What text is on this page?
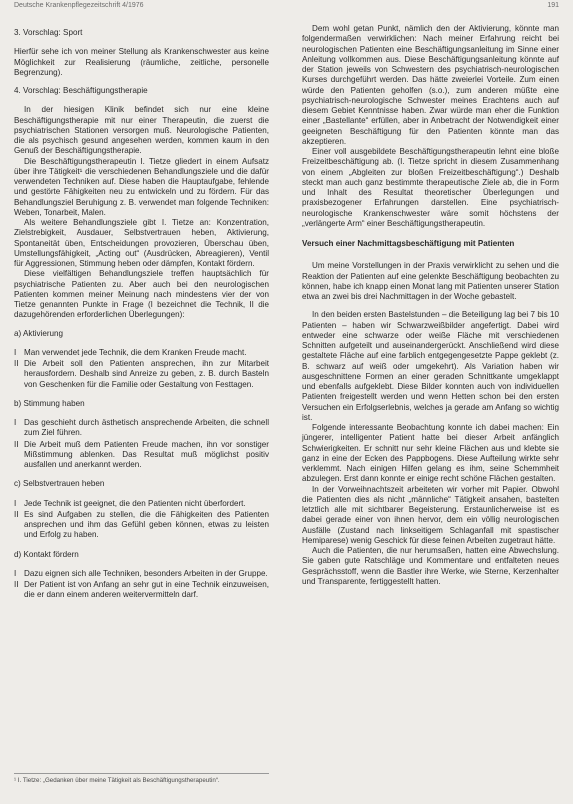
Deutsche Krankenpflegezeitschrift 4/1976	191
3. Vorschlag: Sport

Hierfür sehe ich von meiner Stellung als Krankenschwester aus keine Möglichkeit zur Realisierung (räumliche, zeitliche, personelle Begrenzung).

4. Vorschlag: Beschäftigungstherapie

In der hiesigen Klinik befindet sich nur eine kleine Beschäftigungstherapie mit nur einer Therapeutin, die zuerst die psychiatrischen Stationen versorgen muß. Neurologische Patienten, die als psychisch gesund angesehen werden, kommen kaum in den Genuß der Beschäftigungstherapie.

Die Beschäftigungstherapeutin I. Tietze gliedert in einem Aufsatz über ihre Tätigkeit¹ die verschiedenen Behandlungsziele und die dafür verwendeten Techniken auf. Diese haben die Hauptaufgabe, fehlende und gestörte Fähigkeiten neu zu entwickeln und zu fördern. Für das Behandlungsziel Beruhigung z. B. verwendet man folgende Techniken: Weben, Tonarbeit, Malen.

Als weitere Behandlungsziele gibt I. Tietze an: Konzentration, Zielstrebigkeit, Ausdauer, Selbstvertrauen heben, Aktivierung, Spontaneität üben, Entscheidungen provozieren, Überschau üben, Umstellungsfähigkeit, „Acting out“ (Ausdrücken, Abreagieren), Ventil für Aggressionen, Stimmung heben oder dämpfen, Kontakt fördern.

Diese vielfältigen Behandlungsziele treffen hauptsächlich für psychiatrische Patienten zu. Aber auch bei den neurologischen Patienten kommen meiner Meinung nach mindestens vier der von Tietze genannten Punkte in Frage (I bezeichnet die Technik, II die dazugehörenden erforderlichen Überlegungen):

a) Aktivierung
I Man verwendet jede Technik, die dem Kranken Freude macht.
II Die Arbeit soll den Patienten ansprechen, ihn zur Mitarbeit herausfordern. Deshalb sind Anreize zu geben, z. B. durch Basteln von Geschenken für die Familie oder Gestaltung von Festtagen.
b) Stimmung haben
I Das geschieht durch ästhetisch ansprechende Arbeiten, die schnell zum Ziel führen.
II Die Arbeit muß dem Patienten Freude machen, ihn vor sonstiger Mißstimmung ablenken. Das Resultat muß möglichst positiv ausfallen und anerkannt werden.
c) Selbstvertrauen heben
I Jede Technik ist geeignet, die den Patienten nicht überfordert.
II Es sind Aufgaben zu stellen, die die Fähigkeiten des Patienten ansprechen und ihm das Gefühl geben können, etwas zu leisten und Erfolg zu haben.
d) Kontakt fördern
I Dazu eignen sich alle Techniken, besonders Arbeiten in der Gruppe.
II Der Patient ist von Anfang an sehr gut in eine Technik einzuweisen, die er dann einem anderen weitervermitteln darf.
¹ I. Tietze: „Gedanken über meine Tätigkeit als Beschäftigungstherapeutin“.

Dem wohl getan Punkt, nämlich den der Aktivierung, könnte man folgendermaßen verwirklichen: Nach meiner Erfahrung reicht bei neurologischen Patienten eine Beschäftigungsanleitung im Sinne einer Anleitung vollkommen aus. Diese Beschäftigungsanleitung könnte auf der Station jeweils von Schwestern des psychiatrisch-neurologischen Kurses durchgeführt werden. Das hätte zweierlei Vorteile. Zum einen würde den Patienten geholfen (s.o.), zum anderen müßte eine psychiatrisch-neurologische Schwester meines Erachtens auch auf diesem Gebiet Kenntnisse haben. Zwar würde man eher die Funktion einer „Bastellante“ erfüllen, aber in Anbetracht der Notwendigkeit einer geeigneten Beschäftigung für den Patienten könnte man das akzeptieren.

Einer voll ausgebildete Beschäftigungstherapeutin lehnt eine bloße Freizeitbeschäftigung ab. (I. Tietze spricht in diesem Zusammenhang von einem „Abgleiten zur bloßen Freizeitbeschäftigung“.) Deshalb steckt man auch ganz bestimmte therapeutische Ziele ab, die in Form und Inhalt des Resultat theoretischer Überlegungen und praxisbezogener Erfahrungen darstellen. Eine psychiatrisch-neurologische Krankenschwester wäre somit höchstens der „verlängerte Arm“ einer Beschäftigungstherapeutin.

Versuch einer Nachmittagsbeschäftigung mit Patienten

Um meine Vorstellungen in der Praxis verwirklicht zu sehen und die Reaktion der Patienten auf eine gelenkte Beschäftigung beobachten zu können, habe ich knapp einen Monat lang mit Patienten unserer Station etwa an zwei bis drei Nachmittagen in der Woche gebastelt.

In den beiden ersten Bastelstunden – die Beteiligung lag bei 7 bis 10 Patienten – haben wir Schwarzweißbilder angefertigt. Dabei wird entweder eine schwarze oder weiße Fläche mit verschiedenen Schnitten aufgeteilt und auseinandergerückt. Anschließend wird diese gestaltete Fläche auf eine farblich entgegengesetzte Pappe geklebt (z. B. schwarz auf weiß oder umgekehrt). Als Variation haben wir ausgeschnittene Formen an einer geraden Schnittkante umgeklappt und ebenfalls aufgeklebt. Diese Bilder konnten auch von individuellen Patienten freigestellt werden und wenn Hetten schon bei den ersten Versuchen ein Erfolgserlebnis, welches ja gerade am Anfang so wichtig ist.

Folgende interessante Beobachtung konnte ich dabei machen: Ein jüngerer, intelligenter Patient hatte bei dieser Arbeit anfänglich Schwierigkeiten. Er schnitt nur sehr kleine Flächen aus und klebte sie ganz in eine der Ecken des Pappbogens. Diese Aufteilung wirkte sehr verklemmt. Nach einigen Hilfen gelang es ihm, seine Schemmheit abzulegen. Erst dann konnte er einige recht schöne Flächen gestalten.

In der Vorweihnachtszeit arbeiteten wir vorher mit Papier. Obwohl die Patienten dies als nicht „männliche“ Tätigkeit ansahen, bastelten letztlich alle mit sichtbarer Begeisterung. Erstaunlicherweise ist es dabei gerade einer von ihnen hervor, dem ein völlig neurologischen Ausfälle (Zustand nach linkseitigem Schlaganfall mit spastischer Hemiparese) wenig Geschick für diese feinen Arbeiten zugetraut hätte.

Auch die Patienten, die nur herumsaßen, hatten eine Abwechslung. Sie gaben gute Ratschläge und Kommentare und entfalteten neues Gesprächsstoff, wenn die Bastler ihre Werke, wie Sterne, Kerzenhalter und Transparente, fertiggestellt hatten.
